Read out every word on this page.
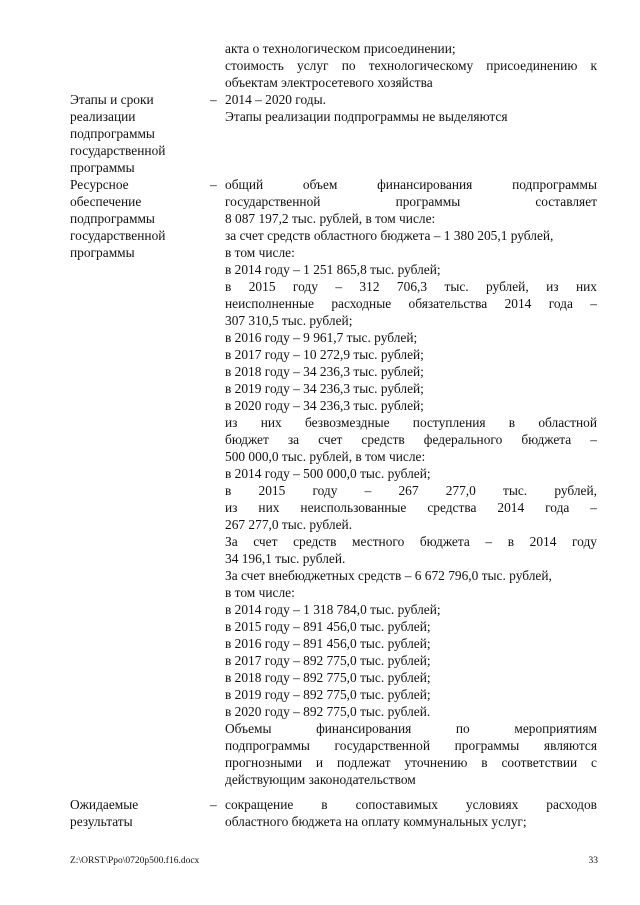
акта о технологическом присоединении;
стоимость услуг по технологическому присоединению к
объектам электросетевого хозяйства
Этапы и сроки
реализации
подпрограммы
государственной
программы
– 2014 – 2020 годы.
Этапы реализации подпрограммы не выделяются
Ресурсное
обеспечение
подпрограммы
государственной
программы
– общий объем финансирования подпрограммы
государственной программы составляет
8 087 197,2 тыс. рублей, в том числе:
за счет средств областного бюджета – 1 380 205,1 рублей,
в том числе:
в 2014 году – 1 251 865,8 тыс. рублей;
в 2015 году – 312 706,3 тыс. рублей, из них
неисполненные расходные обязательства 2014 года –
307 310,5 тыс. рублей;
в 2016 году – 9 961,7 тыс. рублей;
в 2017 году – 10 272,9 тыс. рублей;
в 2018 году – 34 236,3 тыс. рублей;
в 2019 году – 34 236,3 тыс. рублей;
в 2020 году – 34 236,3 тыс. рублей;
из них безвозмездные поступления в областной
бюджет за счет средств федерального бюджета –
500 000,0 тыс. рублей, в том числе:
в 2014 году – 500 000,0 тыс. рублей;
в 2015 году – 267 277,0 тыс. рублей,
из них неиспользованные средства 2014 года –
267 277,0 тыс. рублей.
За счет средств местного бюджета – в 2014 году
34 196,1 тыс. рублей.
За счет внебюджетных средств – 6 672 796,0 тыс. рублей,
в том числе:
в 2014 году – 1 318 784,0 тыс. рублей;
в 2015 году – 891 456,0 тыс. рублей;
в 2016 году – 891 456,0 тыс. рублей;
в 2017 году – 892 775,0 тыс. рублей;
в 2018 году – 892 775,0 тыс. рублей;
в 2019 году – 892 775,0 тыс. рублей;
в 2020 году – 892 775,0 тыс. рублей.
Объемы финансирования по мероприятиям
подпрограммы государственной программы являются
прогнозными и подлежат уточнению в соответствии с
действующим законодательством
Ожидаемые
результаты
– сокращение в сопоставимых условиях расходов
областного бюджета на оплату коммунальных услуг;
Z:\ORST\Ppo\0720p500.f16.docx	33
